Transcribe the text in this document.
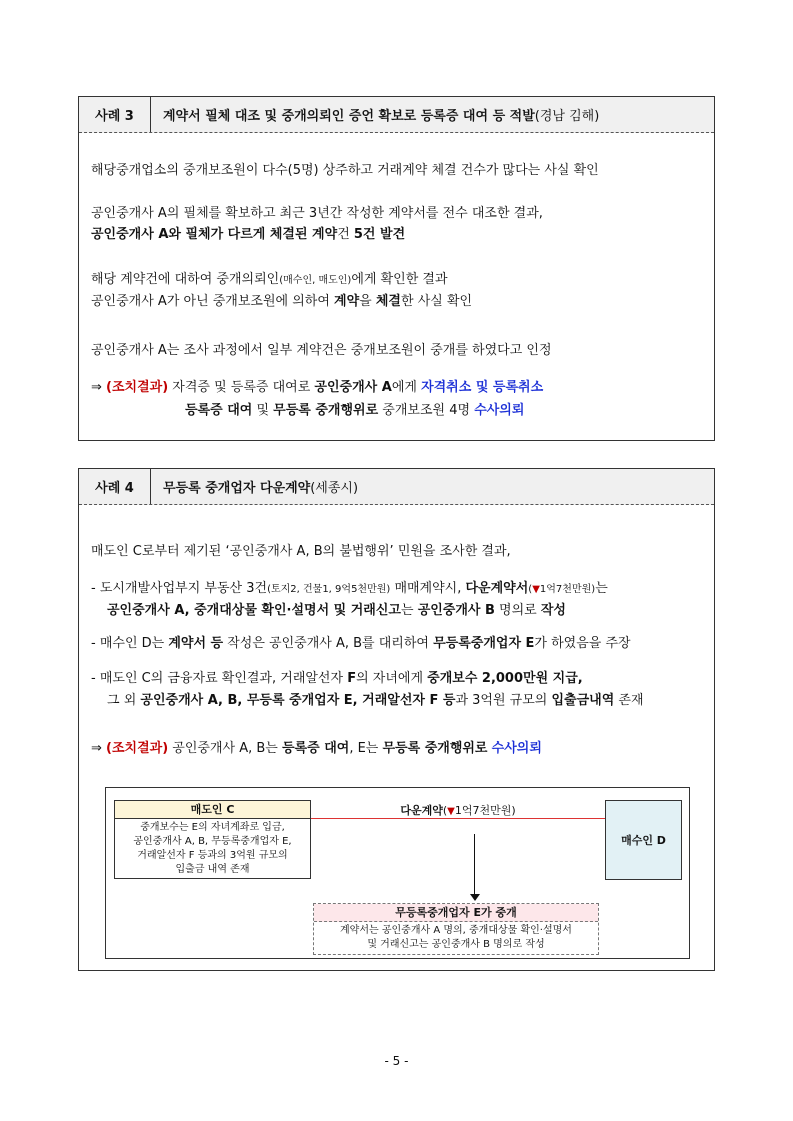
사례 3	계약서 필체 대조 및 중개의뢰인 증언 확보로 등록증 대여 등 적발(경남 김해)
해당중개업소의 중개보조원이 다수(5명) 상주하고 거래계약 체결 건수가 많다는 사실 확인
공인중개사 A의 필체를 확보하고 최근 3년간 작성한 계약서를 전수 대조한 결과,
공인중개사 A와 필체가 다르게 체결된 계약건 5건 발견
해당 계약건에 대하여 중개의뢰인(매수인, 매도인)에게 확인한 결과
공인중개사 A가 아닌 중개보조원에 의하여 계약을 체결한 사실 확인
공인중개사 A는 조사 과정에서 일부 계약건은 중개보조원이 중개를 하였다고 인정
⇒ (조치결과) 자격증 및 등록증 대여로 공인중개사 A에게 자격취소 및 등록취소
등록증 대여 및 무등록 중개행위로 중개보조원 4명 수사의뢰
사례 4	무등록 중개업자 다운계약(세종시)
매도인 C로부터 제기된 ‘공인중개사 A, B의 불법행위’ 민원을 조사한 결과,
- 도시개발사업부지 부동산 3건(토지2, 건물1, 9억5천만원) 매매계약시, 다운계약서(▼1억7천만원)는
공인중개사 A, 중개대상물 확인·설명서 및 거래신고는 공인중개사 B 명의로 작성
- 매수인 D는 계약서 등 작성은 공인중개사 A, B를 대리하여 무등록중개업자 E가 하였음을 주장
- 매도인 C의 금융자료 확인결과, 거래알선자 F의 자녀에게 중개보수 2,000만원 지급,
그 외 공인중개사 A, B, 무등록 중개업자 E, 거래알선자 F 등과 3억원 규모의 입출금내역 존재
⇒ (조치결과) 공인중개사 A, B는 등록증 대여, E는 무등록 중개행위로 수사의뢰
매도인 C
중개보수는 E의 자녀계좌로 입금,
공인중개사 A, B, 무등록중개업자 E,
거래알선자 F 등과의 3억원 규모의
입출금 내역 존재
다운계약(▼1억7천만원)
매수인 D
무등록중개업자 E가 중개
계약서는 공인중개사 A 명의, 중개대상물 확인·설명서
및 거래신고는 공인중개사 B 명의로 작성
- 5 -
